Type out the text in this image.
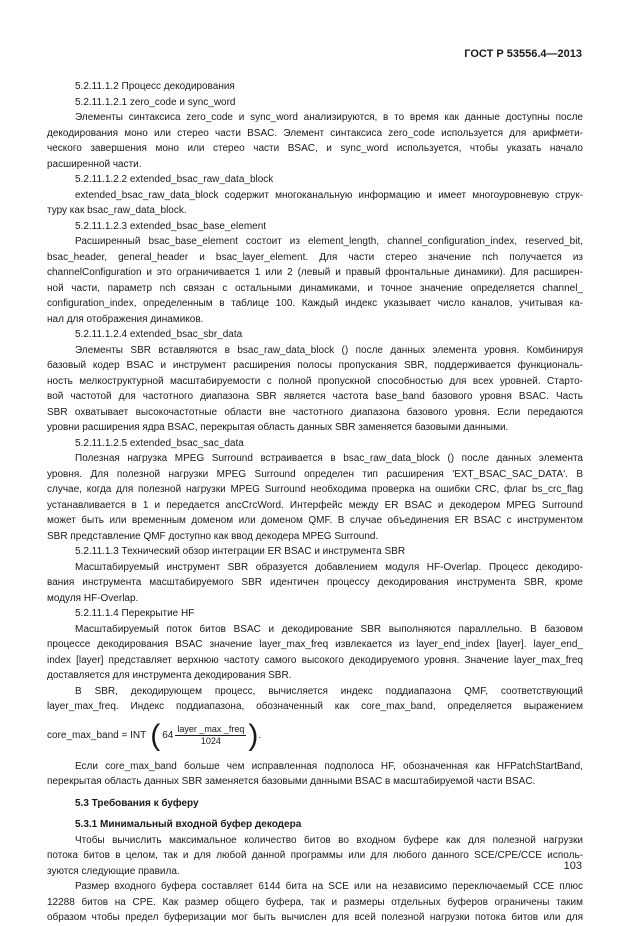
ГОСТ Р 53556.4—2013
5.2.11.1.2 Процесс декодирования
5.2.11.1.2.1 zero_code и sync_word
Элементы синтаксиса zero_code и sync_word анализируются, в то время как данные доступны после
декодирования моно или стерео части BSAC. Элемент синтаксиса zero_code используется для арифмети-
ческого завершения моно или стерео части BSAC, и sync_word используется, чтобы указать начало
расширенной части.
5.2.11.1.2.2 extended_bsac_raw_data_block
extended_bsac_raw_data_block содержит многоканальную информацию и имеет многоуровневую струк-
туру как bsac_raw_data_block.
5.2.11.1.2.3 extended_bsac_base_element
Расширенный bsac_base_element состоит из element_length, channel_configuration_index, reserved_bit,
bsac_header, general_header и bsac_layer_element. Для части стерео значение nch получается из
channelConfiguration и это ограничивается 1 или 2 (левый и правый фронтальные динамики). Для расширен-
ной части, параметр nch связан с остальными динамиками, и точное значение определяется channel_
configuration_index, определенным в таблице 100. Каждый индекс указывает число каналов, учитывая ка-
нал для отображения динамиков.
5.2.11.1.2.4 extended_bsac_sbr_data
Элементы SBR вставляются в bsac_raw_data_block () после данных элемента уровня. Комбинируя
базовый кодер BSAC и инструмент расширения полосы пропускания SBR, поддерживается функциональ-
ность мелкоструктурной масштабируемости с полной пропускной способностью для всех уровней. Старто-
вой частотой для частотного диапазона SBR является частота base_band базового уровня BSAC. Часть
SBR охватывает высокочастотные области вне частотного диапазона базового уровня. Если передаются
уровни расширения ядра BSAC, перекрытая область данных SBR заменяется базовыми данными.
5.2.11.1.2.5 extended_bsac_sac_data
Полезная нагрузка MPEG Surround встраивается в bsac_raw_data_block () после данных элемента
уровня. Для полезной нагрузки MPEG Surround определен тип расширения 'EXT_BSAC_SAC_DATA'. В
случае, когда для полезной нагрузки MPEG Surround необходима проверка на ошибки CRC, флаг bs_crc_flag
устанавливается в 1 и передается ancCrcWord. Интерфейс между ER BSAC и декодером MPEG Surround
может быть или временным доменом или доменом QMF. В случае объединения ER BSAC с инструментом
SBR представление QMF доступно как ввод декодера MPEG Surround.
5.2.11.1.3 Технический обзор интеграции ER BSAC и инструмента SBR
Масштабируемый инструмент SBR образуется добавлением модуля HF-Overlap. Процесс декодиро-
вания инструмента масштабируемого SBR идентичен процессу декодирования инструмента SBR, кроме
модуля HF-Overlap.
5.2.11.1.4 Перекрытие HF
Масштабируемый поток битов BSAC и декодирование SBR выполняются параллельно. В базовом
процессе декодирования BSAC значение layer_max_freq извлекается из layer_end_index [layer]. layer_end_
index [layer] представляет верхнюю частоту самого высокого декодируемого уровня. Значение layer_max_freq
доставляется для инструмента декодирования SBR.
В SBR, декодирующем процесс, вычисляется индекс поддиапазона QMF, соответствующий
layer_max_freq. Индекс поддиапазона, обозначенный как core_max_band, определяется выражением
core_max_band = INT ( $64 \frac{\text{layer \_max \_freq}}{1024}$ ) .
Если core_max_band больше чем исправленная подполоса HF, обозначенная как HFPatchStartBand,
перекрытая область данных SBR заменяется базовыми данными BSAC в масштабируемой части BSAC.
5.3 Требования к буферу
5.3.1 Минимальный входной буфер декодера
Чтобы вычислить максимальное количество битов во входном буфере как для полезной нагрузки
потока битов в целом, так и для любой данной программы или для любого данного SCE/CPE/CCE исполь-
зуются следующие правила.
Размер входного буфера составляет 6144 бита на SCE или на независимо переключаемый CCE плюс
12288 битов на CPE. Как размер общего буфера, так и размеры отдельных буферов ограничены таким
образом чтобы предел буферизации мог быть вычислен для всей полезной нагрузки потока битов или для
103
